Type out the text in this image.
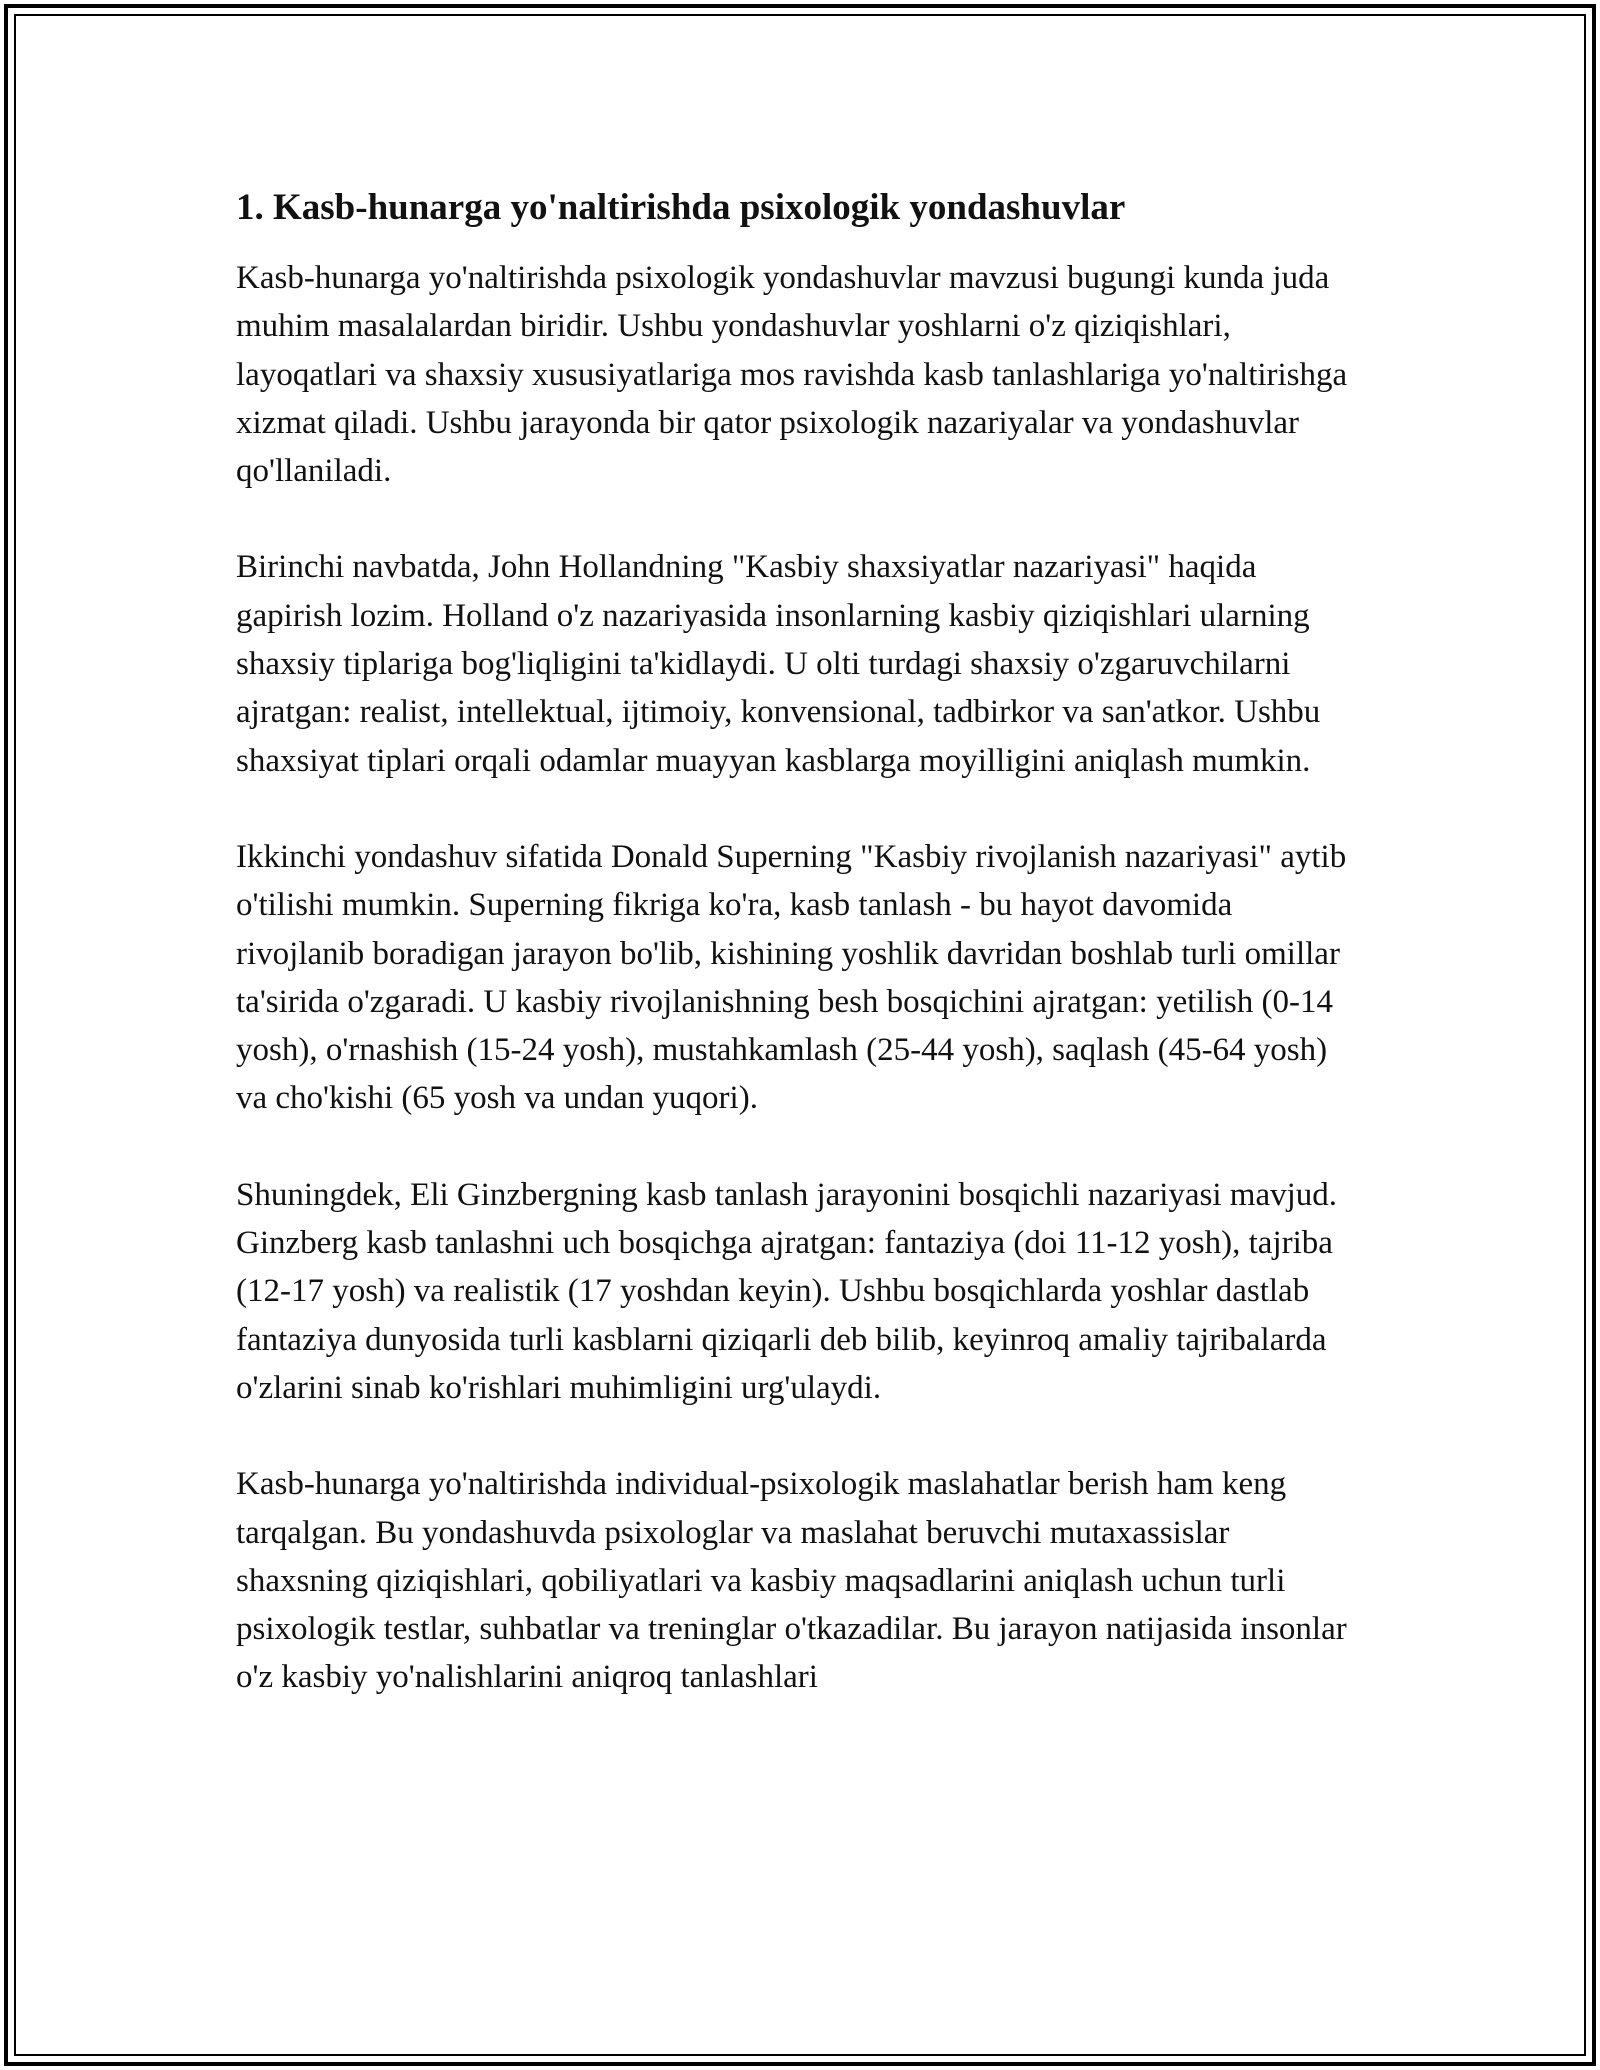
1. Kasb-hunarga yo'naltirishda psixologik yondashuvlar

Kasb-hunarga yo'naltirishda psixologik yondashuvlar mavzusi bugungi kunda juda muhim masalalardan biridir. Ushbu yondashuvlar yoshlarni o'z qiziqishlari, layoqatlari va shaxsiy xususiyatlariga mos ravishda kasb tanlashlariga yo'naltirishga xizmat qiladi. Ushbu jarayonda bir qator psixologik nazariyalar va yondashuvlar qo'llaniladi.

Birinchi navbatda, John Hollandning "Kasbiy shaxsiyatlar nazariyasi" haqida gapirish lozim. Holland o'z nazariyasida insonlarning kasbiy qiziqishlari ularning shaxsiy tiplariga bog'liqligini ta'kidlaydi. U olti turdagi shaxsiy o'zgaruvchilarni ajratgan: realist, intellektual, ijtimoiy, konvensional, tadbirkor va san'atkor. Ushbu shaxsiyat tiplari orqali odamlar muayyan kasblarga moyilligini aniqlash mumkin.

Ikkinchi yondashuv sifatida Donald Superning "Kasbiy rivojlanish nazariyasi" aytib o'tilishi mumkin. Superning fikriga ko'ra, kasb tanlash - bu hayot davomida rivojlanib boradigan jarayon bo'lib, kishining yoshlik davridan boshlab turli omillar ta'sirida o'zgaradi. U kasbiy rivojlanishning besh bosqichini ajratgan: yetilish (0-14 yosh), o'rnashish (15-24 yosh), mustahkamlash (25-44 yosh), saqlash (45-64 yosh) va cho'kishi (65 yosh va undan yuqori).

Shuningdek, Eli Ginzbergning kasb tanlash jarayonini bosqichli nazariyasi mavjud. Ginzberg kasb tanlashni uch bosqichga ajratgan: fantaziya (doi 11-12 yosh), tajriba (12-17 yosh) va realistik (17 yoshdan keyin). Ushbu bosqichlarda yoshlar dastlab fantaziya dunyosida turli kasblarni qiziqarli deb bilib, keyinroq amaliy tajribalarda o'zlarini sinab ko'rishlari muhimligini urg'ulaydi.

Kasb-hunarga yo'naltirishda individual-psixologik maslahatlar berish ham keng tarqalgan. Bu yondashuvda psixologlar va maslahat beruvchi mutaxassislar shaxsning qiziqishlari, qobiliyatlari va kasbiy maqsadlarini aniqlash uchun turli psixologik testlar, suhbatlar va treninglar o'tkazadilar. Bu jarayon natijasida insonlar o'z kasbiy yo'nalishlarini aniqroq tanlashlari
